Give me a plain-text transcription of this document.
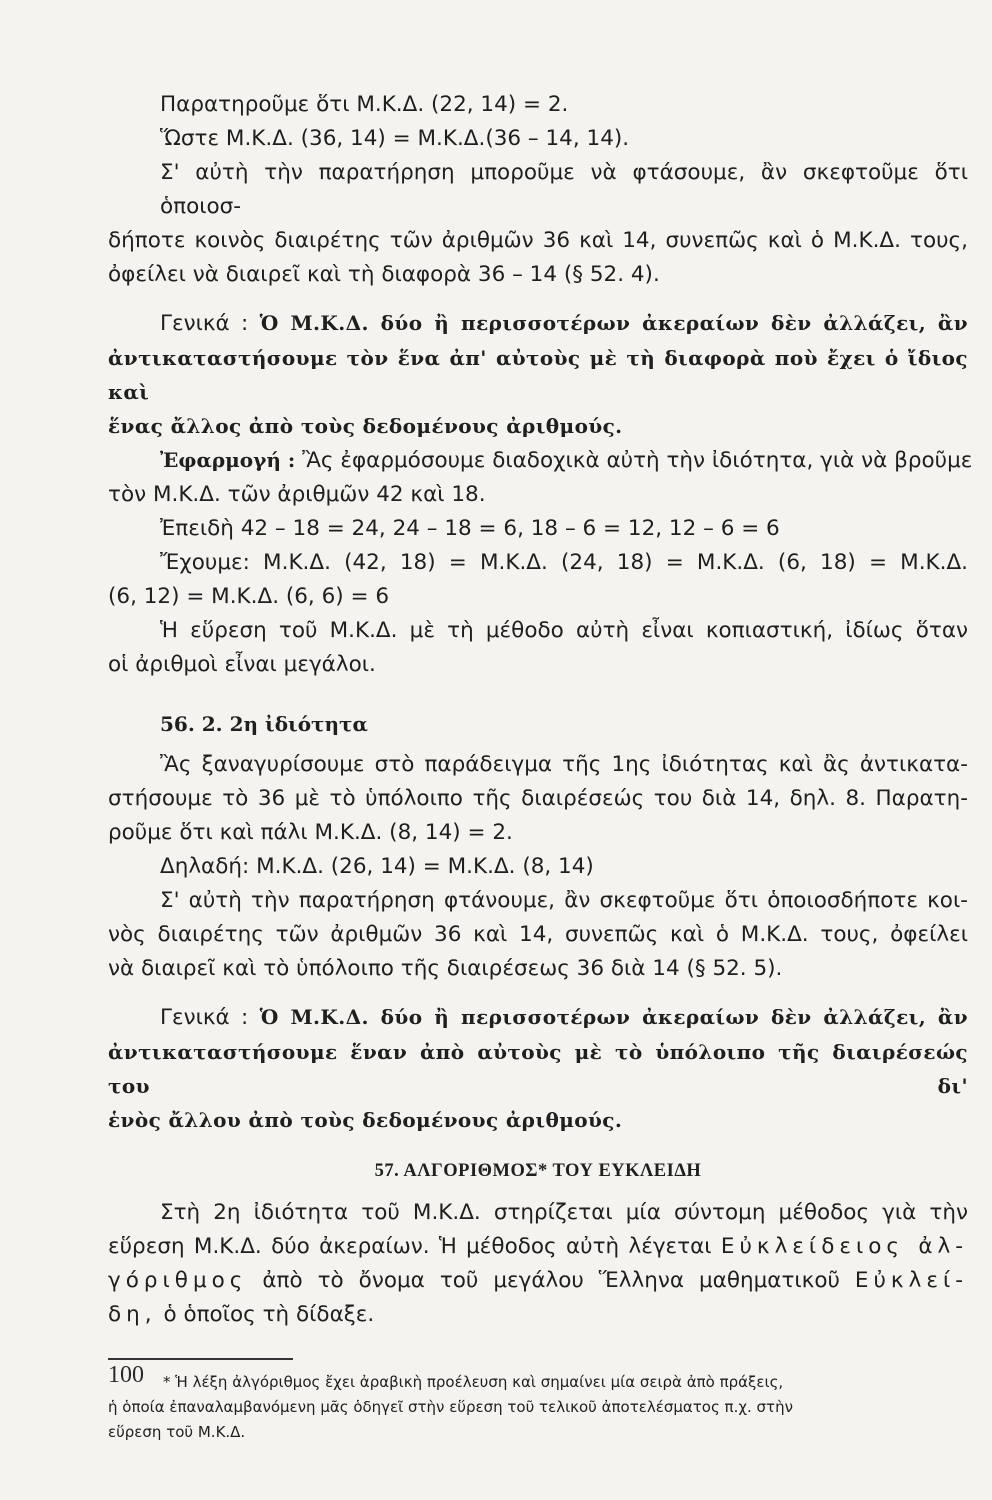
Παρατηροῦμε ὅτι Μ.Κ.Δ. (22, 14) = 2.
Ὥστε Μ.Κ.Δ. (36, 14) = Μ.Κ.Δ.(36 – 14, 14).
Σ' αὐτὴ τὴν παρατήρηση μποροῦμε νὰ φτάσουμε, ἂν σκεφτοῦμε ὅτι ὁποιοσ-
δήποτε κοινὸς διαιρέτης τῶν ἀριθμῶν 36 καὶ 14, συνεπῶς καὶ ὁ Μ.Κ.Δ. τους,
ὀφείλει νὰ διαιρεῖ καὶ τὴ διαφορὰ 36 – 14 (§ 52. 4).
Γενικά : Ὁ Μ.Κ.Δ. δύο ἢ περισσοτέρων ἀκεραίων δὲν ἀλλάζει, ἂν
ἀντικαταστήσουμε τὸν ἕνα ἀπ' αὐτοὺς μὲ τὴ διαφορὰ ποὺ ἔχει ὁ ἴδιος καὶ
ἕνας ἄλλος ἀπὸ τοὺς δεδομένους ἀριθμούς.
Ἐφαρμογή : Ἂς ἐφαρμόσουμε διαδοχικὰ αὐτὴ τὴν ἰδιότητα, γιὰ νὰ βροῦμε
τὸν Μ.Κ.Δ. τῶν ἀριθμῶν 42 καὶ 18.
Ἐπειδὴ 42 – 18 = 24, 24 – 18 = 6, 18 – 6 = 12, 12 – 6 = 6
Ἔχουμε: Μ.Κ.Δ. (42, 18) = Μ.Κ.Δ. (24, 18) = Μ.Κ.Δ. (6, 18) = Μ.Κ.Δ.
(6, 12) = Μ.Κ.Δ. (6, 6) = 6
Ἡ εὕρεση τοῦ Μ.Κ.Δ. μὲ τὴ μέθοδο αὐτὴ εἶναι κοπιαστική, ἰδίως ὅταν
οἱ ἀριθμοὶ εἶναι μεγάλοι.
56. 2. 2η ἰδιότητα
Ἂς ξαναγυρίσουμε στὸ παράδειγμα τῆς 1ης ἰδιότητας καὶ ἂς ἀντικατα-
στήσουμε τὸ 36 μὲ τὸ ὑπόλοιπο τῆς διαιρέσεώς του διὰ 14, δηλ. 8. Παρατη-
ροῦμε ὅτι καὶ πάλι Μ.Κ.Δ. (8, 14) = 2.
Δηλαδή: Μ.Κ.Δ. (26, 14) = Μ.Κ.Δ. (8, 14)
Σ' αὐτὴ τὴν παρατήρηση φτάνουμε, ἂν σκεφτοῦμε ὅτι ὁποιοσδήποτε κοι-
νὸς διαιρέτης τῶν ἀριθμῶν 36 καὶ 14, συνεπῶς καὶ ὁ Μ.Κ.Δ. τους, ὀφείλει
νὰ διαιρεῖ καὶ τὸ ὑπόλοιπο τῆς διαιρέσεως 36 διὰ 14 (§ 52. 5).
Γενικά : Ὁ Μ.Κ.Δ. δύο ἢ περισσοτέρων ἀκεραίων δὲν ἀλλάζει, ἂν
ἀντικαταστήσουμε ἕναν ἀπὸ αὐτοὺς μὲ τὸ ὑπόλοιπο τῆς διαιρέσεώς του δι'
ἑνὸς ἄλλου ἀπὸ τοὺς δεδομένους ἀριθμούς.
57. ΑΛΓΟΡΙΘΜΟΣ* ΤΟΥ ΕΥΚΛΕΙΔΗ
Στὴ 2η ἰδιότητα τοῦ Μ.Κ.Δ. στηρίζεται μία σύντομη μέθοδος γιὰ τὴν
εὕρεση Μ.Κ.Δ. δύο ἀκεραίων. Ἡ μέθοδος αὐτὴ λέγεται Εὐκλείδειος ἀλ-
γόριθμος ἀπὸ τὸ ὄνομα τοῦ μεγάλου Ἕλληνα μαθηματικοῦ Εὐκλεί-
δη, ὁ ὁποῖος τὴ δίδαξε.
* Ἡ λέξη ἀλγόριθμος ἔχει ἀραβικὴ προέλευση καὶ σημαίνει μία σειρὰ ἀπὸ πράξεις,
ἡ ὁποία ἐπαναλαμβανόμενη μᾶς ὁδηγεῖ στὴν εὕρεση τοῦ τελικοῦ ἀποτελέσματος π.χ. στὴν
εὕρεση τοῦ Μ.Κ.Δ.
100
